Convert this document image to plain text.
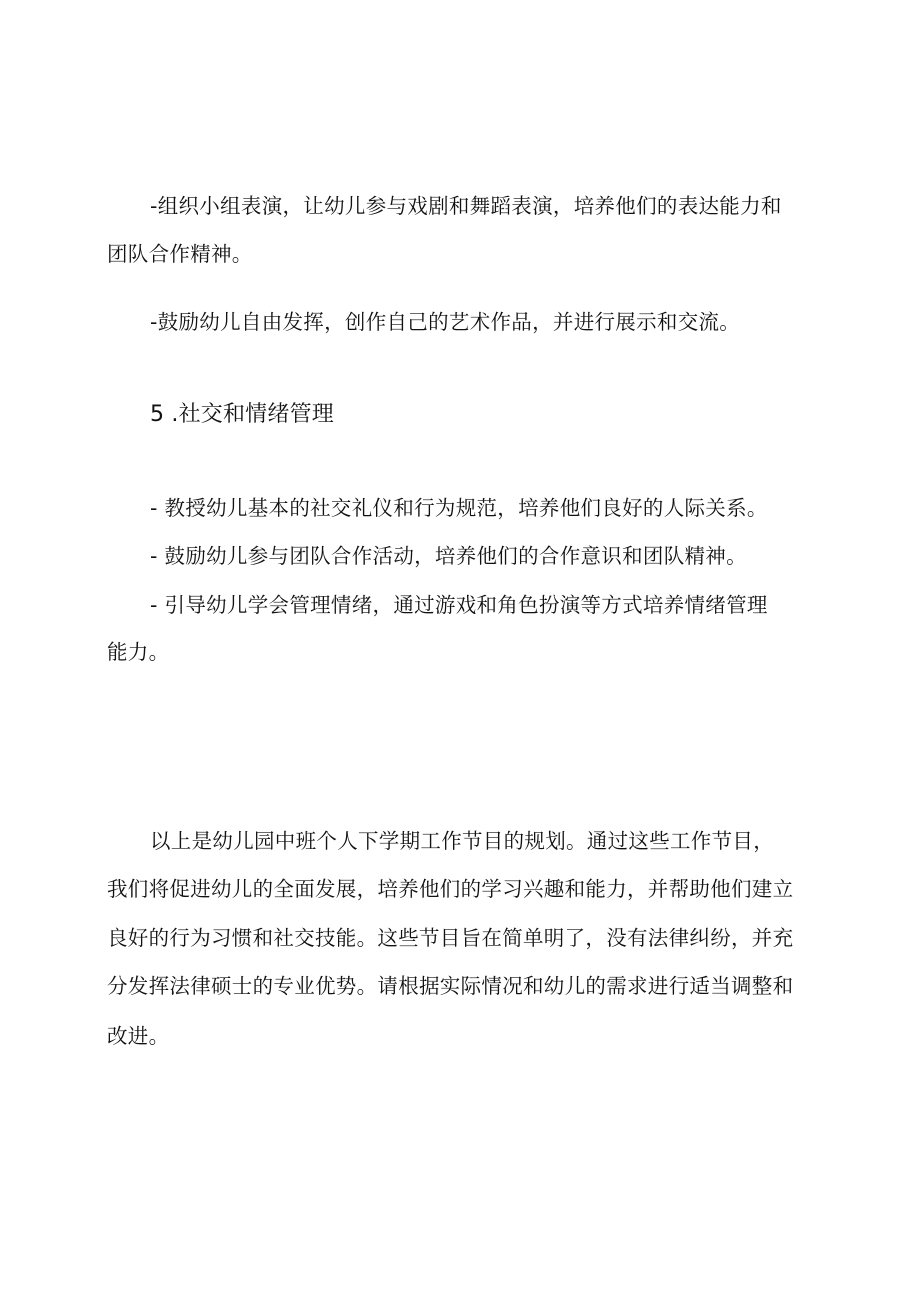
-组织小组表演，让幼儿参与戏剧和舞蹈表演，培养他们的表达能力和
团队合作精神。
-鼓励幼儿自由发挥，创作自己的艺术作品，并进行展示和交流。
5 .社交和情绪管理
- 教授幼儿基本的社交礼仪和行为规范，培养他们良好的人际关系。
- 鼓励幼儿参与团队合作活动，培养他们的合作意识和团队精神。
- 引导幼儿学会管理情绪，通过游戏和角色扮演等方式培养情绪管理
能力。
以上是幼儿园中班个人下学期工作节目的规划。通过这些工作节目，
我们将促进幼儿的全面发展，培养他们的学习兴趣和能力，并帮助他们建立
良好的行为习惯和社交技能。这些节目旨在简单明了，没有法律纠纷，并充
分发挥法律硕士的专业优势。请根据实际情况和幼儿的需求进行适当调整和
改进。
